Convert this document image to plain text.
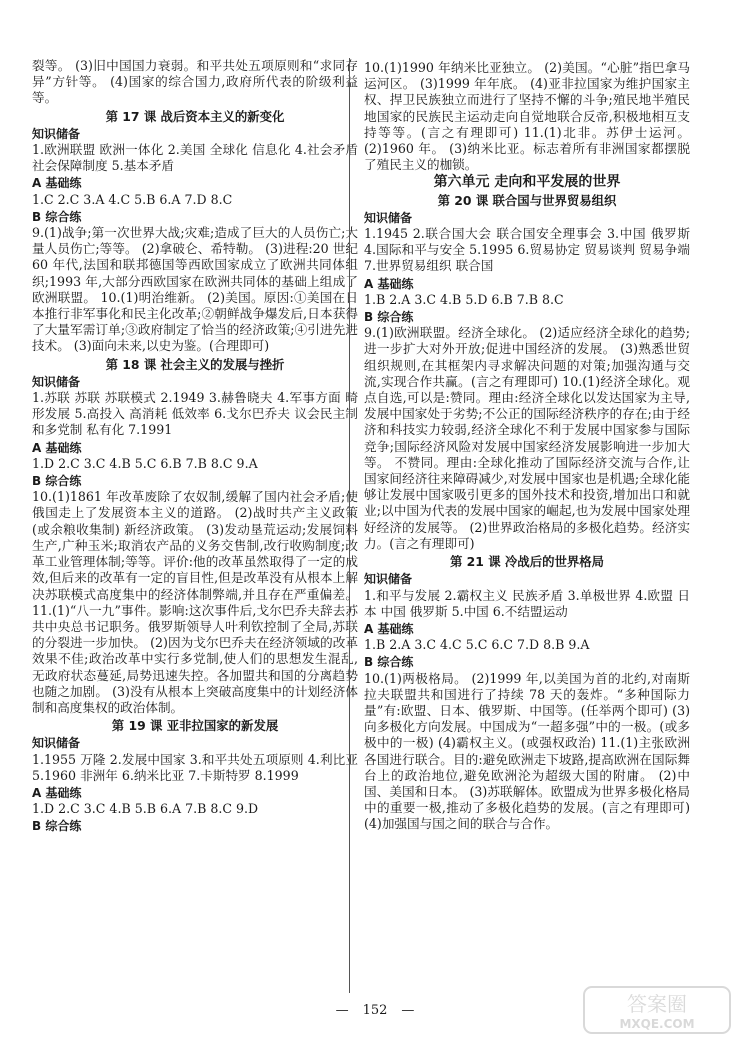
裂等。 (3)旧中国国力衰弱。和平共处五项原则和“求同存异”方针等。 (4)国家的综合国力,政府所代表的阶级利益等。

第 17 课 战后资本主义的新变化
知识储备

1.欧洲联盟 欧洲一体化 2.美国 全球化 信息化 4.社会矛盾 社会保障制度 5.基本矛盾

A 基础练

1.C 2.C 3.A 4.C 5.B 6.A 7.D 8.C

B 综合练

9.(1)战争;第一次世界大战;灾难;造成了巨大的人员伤亡;大量人员伤亡;等等。 (2)拿破仑、希特勒。 (3)进程:20 世纪 60 年代,法国和联邦德国等西欧国家成立了欧洲共同体组织;1993 年,大部分西欧国家在欧洲共同体的基础上组成了欧洲联盟。 10.(1)明治维新。 (2)美国。原因:①美国在日本推行非军事化和民主化改革;②朝鲜战争爆发后,日本获得了大量军需订单;③政府制定了恰当的经济政策;④引进先进技术。 (3)面向未来,以史为鉴。(合理即可)

第 18 课 社会主义的发展与挫折
知识储备

1.苏联 苏联 苏联模式 2.1949 3.赫鲁晓夫 4.军事方面 畸形发展 5.高投入 高消耗 低效率 6.戈尔巴乔夫 议会民主制和多党制 私有化 7.1991

A 基础练

1.D 2.C 3.C 4.B 5.C 6.B 7.B 8.C 9.A

B 综合练

10.(1)1861 年改革废除了农奴制,缓解了国内社会矛盾;使俄国走上了发展资本主义的道路。 (2)战时共产主义政策(或余粮收集制) 新经济政策。 (3)发动垦荒运动;发展饲料生产,广种玉米;取消农产品的义务交售制,改行收购制度;改革工业管理体制;等等。评价:他的改革虽然取得了一定的成效,但后来的改革有一定的盲目性,但是改革没有从根本上解决苏联模式高度集中的经济体制弊端,并且存在严重偏差。 11.(1)“八一九”事件。影响:这次事件后,戈尔巴乔夫辞去苏共中央总书记职务。俄罗斯领导人叶利钦控制了全局,苏联的分裂进一步加快。 (2)因为戈尔巴乔夫在经济领域的改革效果不佳;政治改革中实行多党制,使人们的思想发生混乱,无政府状态蔓延,局势迅速失控。各加盟共和国的分离趋势也随之加剧。 (3)没有从根本上突破高度集中的计划经济体制和高度集权的政治体制。

第 19 课 亚非拉国家的新发展
知识储备

1.1955 万隆 2.发展中国家 3.和平共处五项原则 4.利比亚 5.1960 非洲年 6.纳米比亚 7.卡斯特罗 8.1999

A 基础练

1.D 2.C 3.C 4.B 5.B 6.A 7.B 8.C 9.D

B 综合练

10.(1)1990 年纳米比亚独立。 (2)美国。“心脏”指巴拿马运河区。 (3)1999 年年底。 (4)亚非拉国家为维护国家主权、捍卫民族独立而进行了坚持不懈的斗争;殖民地半殖民地国家的民族民主运动走向自觉地联合反帝,积极地相互支持等等。(言之有理即可) 11.(1)北非。苏伊士运河。 (2)1960 年。 (3)纳米比亚。标志着所有非洲国家都摆脱了殖民主义的枷锁。

第六单元 走向和平发展的世界
第 20 课 联合国与世界贸易组织
知识储备

1.1945 2.联合国大会 联合国安全理事会 3.中国 俄罗斯 4.国际和平与安全 5.1995 6.贸易协定 贸易谈判 贸易争端 7.世界贸易组织 联合国

A 基础练

1.B 2.A 3.C 4.B 5.D 6.B 7.B 8.C

B 综合练

9.(1)欧洲联盟。经济全球化。 (2)适应经济全球化的趋势;进一步扩大对外开放;促进中国经济的发展。 (3)熟悉世贸组织规则,在其框架内寻求解决问题的对策;加强沟通与交流,实现合作共赢。(言之有理即可) 10.(1)经济全球化。观点自选,可以是:赞同。理由:经济全球化以发达国家为主导,发展中国家处于劣势;不公正的国际经济秩序的存在;由于经济和科技实力较弱,经济全球化不利于发展中国家参与国际竞争;国际经济风险对发展中国家经济发展影响进一步加大等。 不赞同。理由:全球化推动了国际经济交流与合作,让国家间经济往来障碍减少,对发展中国家也是机遇;全球化能够让发展中国家吸引更多的国外技术和投资,增加出口和就业;以中国为代表的发展中国家的崛起,也为发展中国家处理好经济的发展等。 (2)世界政治格局的多极化趋势。经济实力。(言之有理即可)

第 21 课 冷战后的世界格局
知识储备

1.和平与发展 2.霸权主义 民族矛盾 3.单极世界 4.欧盟 日本 中国 俄罗斯 5.中国 6.不结盟运动

A 基础练

1.B 2.A 3.C 4.C 5.C 6.C 7.D 8.B 9.A

B 综合练

10.(1)两极格局。 (2)1999 年,以美国为首的北约,对南斯拉夫联盟共和国进行了持续 78 天的轰炸。“多种国际力量”有:欧盟、日本、俄罗斯、中国等。(任举两个即可) (3)向多极化方向发展。中国成为“一超多强”中的一极。(或多极中的一极) (4)霸权主义。(或强权政治) 11.(1)主张欧洲各国进行联合。目的:避免欧洲走下坡路,提高欧洲在国际舞台上的政治地位,避免欧洲沦为超级大国的附庸。 (2)中国、美国和日本。 (3)苏联解体。欧盟成为世界多极化格局中的重要一极,推动了多极化趋势的发展。(言之有理即可) (4)加强国与国之间的联合与合作。

— 152 —	答案圈
MXQE.COM
